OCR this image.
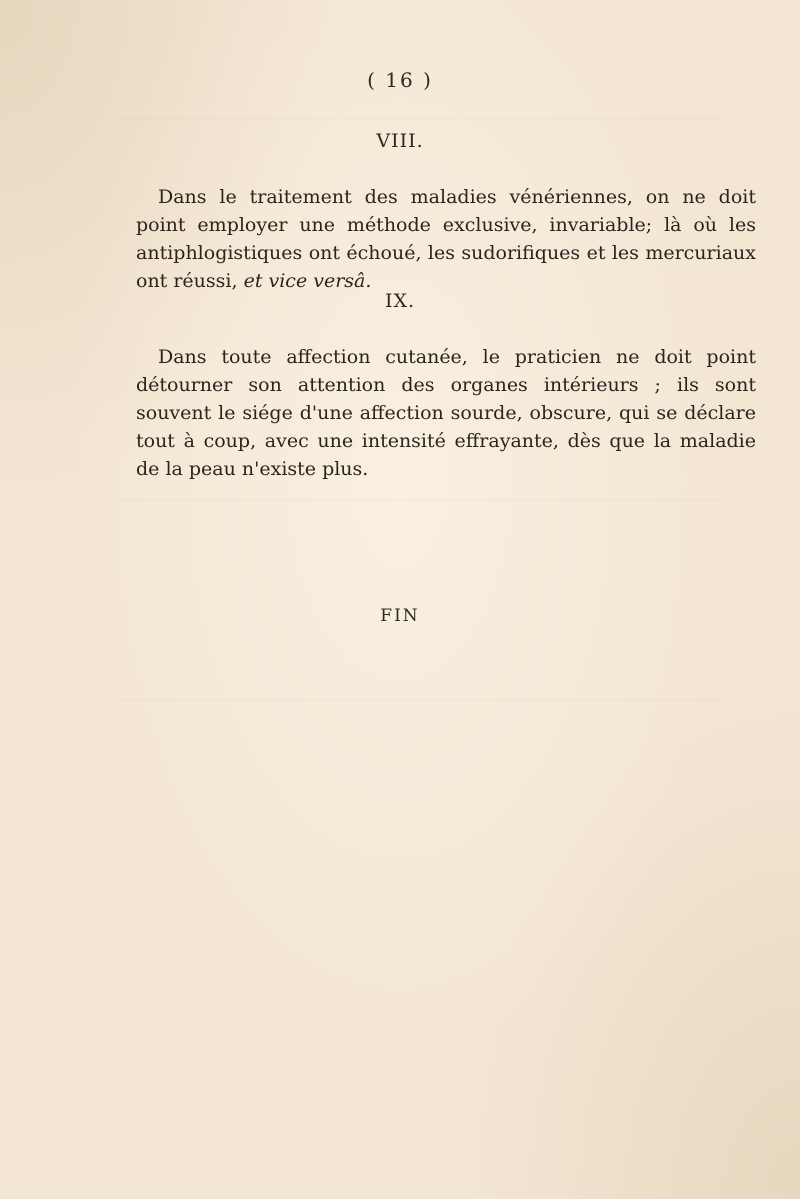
( 16 )
VIII.

Dans le traitement des maladies vénériennes, on ne doit point employer une méthode exclusive, invariable; là où les antiphlogistiques ont échoué, les sudorifiques et les mercuriaux ont réussi, et vice versâ.

IX.

Dans toute affection cutanée, le praticien ne doit point détourner son attention des organes intérieurs ; ils sont souvent le siége d'une affection sourde, obscure, qui se déclare tout à coup, avec une intensité effrayante, dès que la maladie de la peau n'existe plus.

FIN
